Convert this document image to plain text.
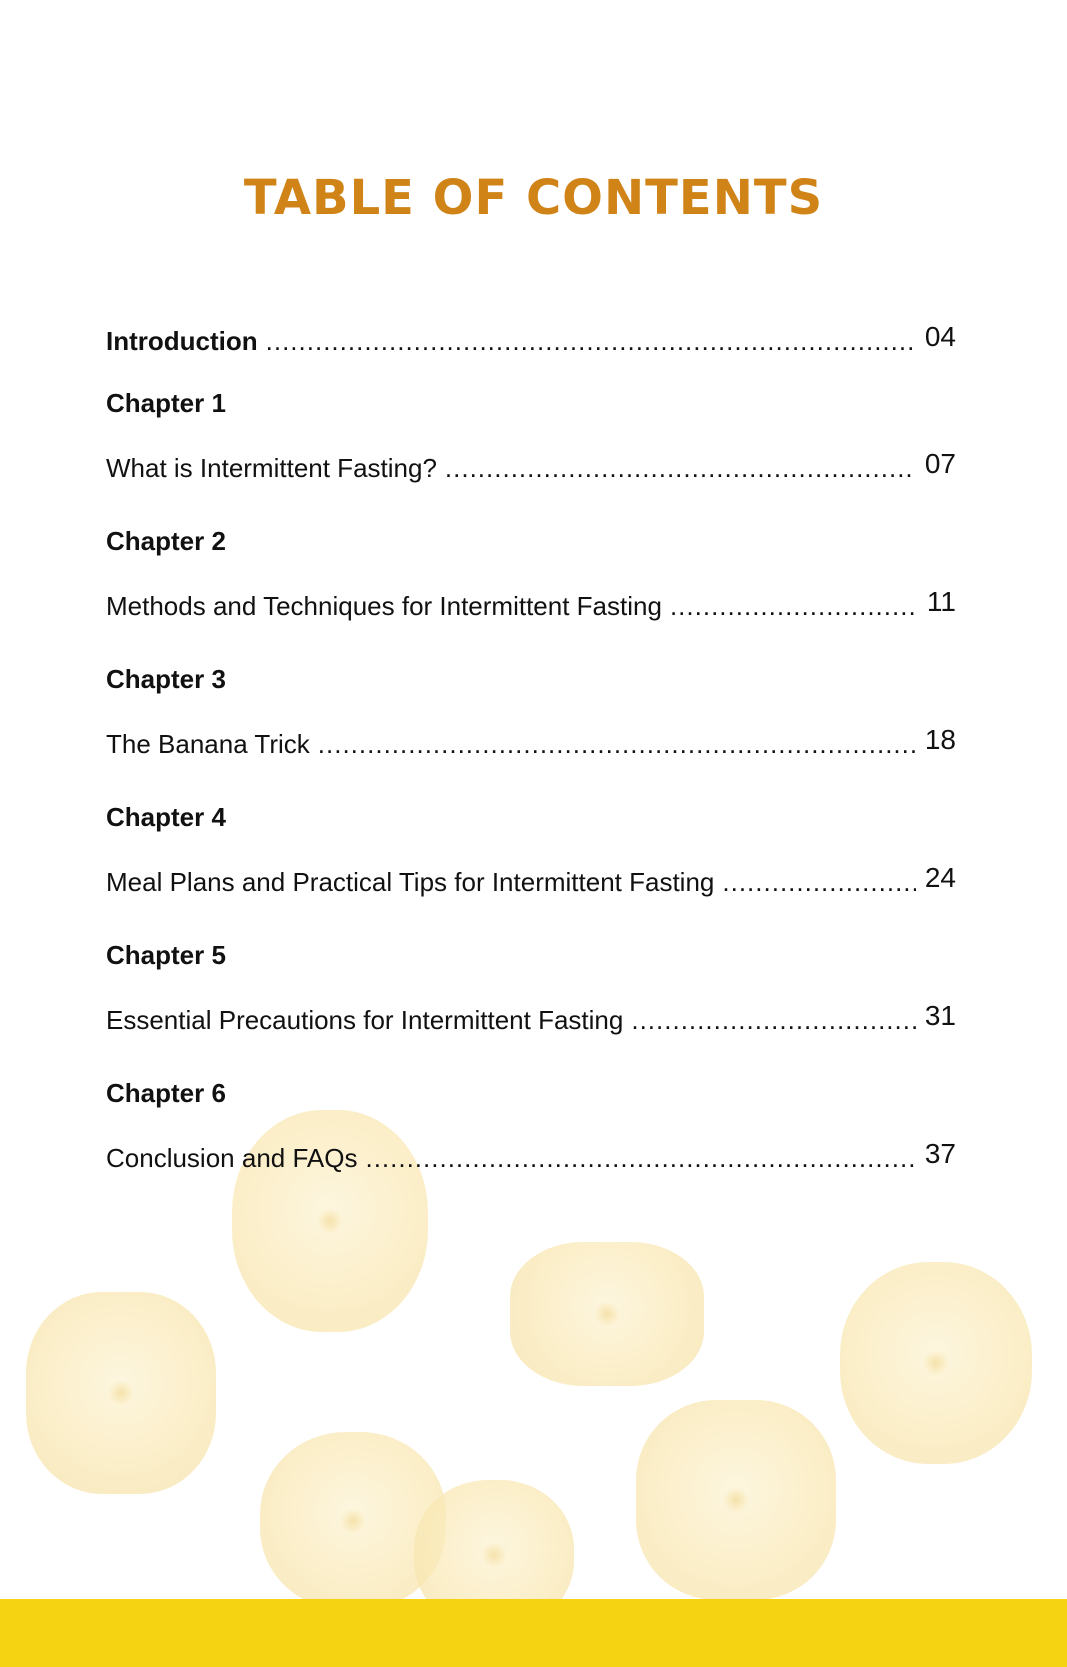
TABLE OF CONTENTS
Introduction .....	04
Chapter 1
What is Intermittent Fasting? .....	07
Chapter 2
Methods and Techniques for Intermittent Fasting .....	11
Chapter 3
The Banana Trick .....	18
Chapter 4
Meal Plans and Practical Tips for Intermittent Fasting .....	24
Chapter 5
Essential Precautions for Intermittent Fasting .....	31
Chapter 6
Conclusion and FAQs .....	37
